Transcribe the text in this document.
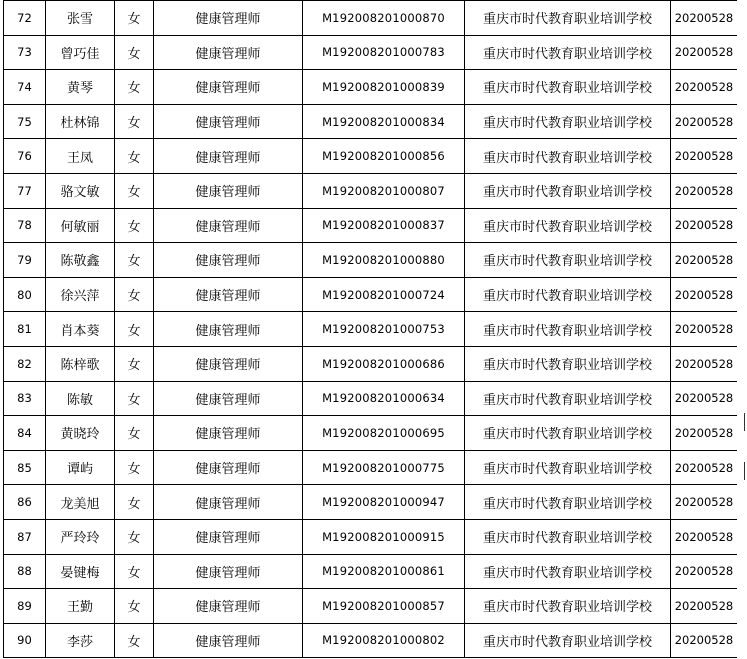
72	张雪	女	健康管理师	M192008201000870	重庆市时代教育职业培训学校	20200528
73	曾巧佳	女	健康管理师	M192008201000783	重庆市时代教育职业培训学校	20200528
74	黄琴	女	健康管理师	M192008201000839	重庆市时代教育职业培训学校	20200528
75	杜林锦	女	健康管理师	M192008201000834	重庆市时代教育职业培训学校	20200528
76	王凤	女	健康管理师	M192008201000856	重庆市时代教育职业培训学校	20200528
77	骆文敏	女	健康管理师	M192008201000807	重庆市时代教育职业培训学校	20200528
78	何敏丽	女	健康管理师	M192008201000837	重庆市时代教育职业培训学校	20200528
79	陈敬鑫	女	健康管理师	M192008201000880	重庆市时代教育职业培训学校	20200528
80	徐兴萍	女	健康管理师	M192008201000724	重庆市时代教育职业培训学校	20200528
81	肖本葵	女	健康管理师	M192008201000753	重庆市时代教育职业培训学校	20200528
82	陈梓歌	女	健康管理师	M192008201000686	重庆市时代教育职业培训学校	20200528
83	陈敏	女	健康管理师	M192008201000634	重庆市时代教育职业培训学校	20200528
84	黄晓玲	女	健康管理师	M192008201000695	重庆市时代教育职业培训学校	20200528
85	谭屿	女	健康管理师	M192008201000775	重庆市时代教育职业培训学校	20200528
86	龙美旭	女	健康管理师	M192008201000947	重庆市时代教育职业培训学校	20200528
87	严玲玲	女	健康管理师	M192008201000915	重庆市时代教育职业培训学校	20200528
88	晏键梅	女	健康管理师	M192008201000861	重庆市时代教育职业培训学校	20200528
89	王勤	女	健康管理师	M192008201000857	重庆市时代教育职业培训学校	20200528
90	李莎	女	健康管理师	M192008201000802	重庆市时代教育职业培训学校	20200528
